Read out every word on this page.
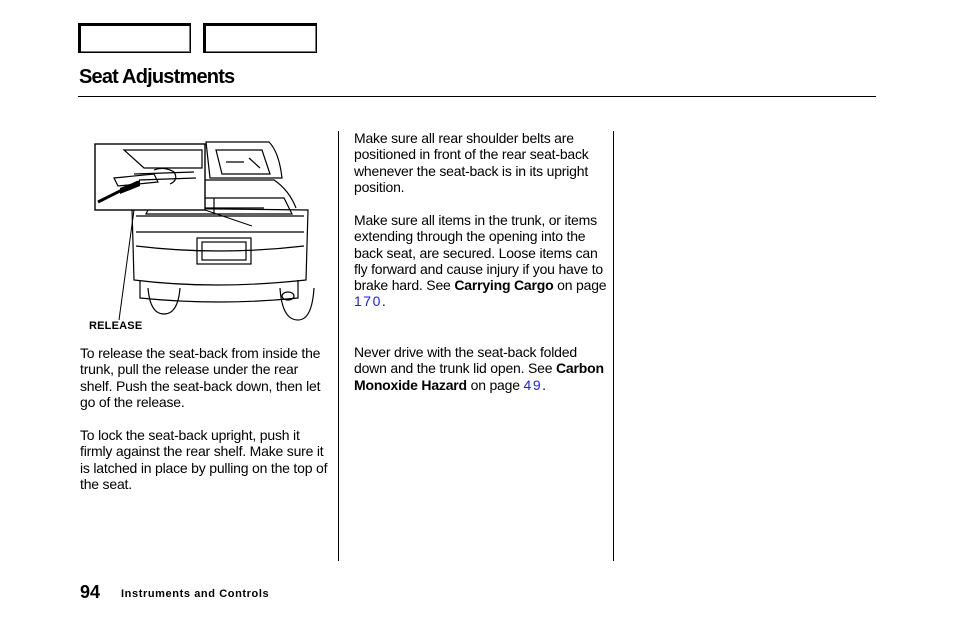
Seat Adjustments
RELEASE

To release the seat-back from inside the trunk, pull the release under the rear shelf. Push the seat-back down, then let go of the release.

To lock the seat-back upright, push it firmly against the rear shelf. Make sure it is latched in place by pulling on the top of the seat.

Make sure all rear shoulder belts are positioned in front of the rear seat-back whenever the seat-back is in its upright position.

Make sure all items in the trunk, or items extending through the opening into the back seat, are secured. Loose items can fly forward and cause injury if you have to brake hard. See Carrying Cargo on page 170.

Never drive with the seat-back folded down and the trunk lid open. See Carbon Monoxide Hazard on page 49.

94 Instruments and Controls
